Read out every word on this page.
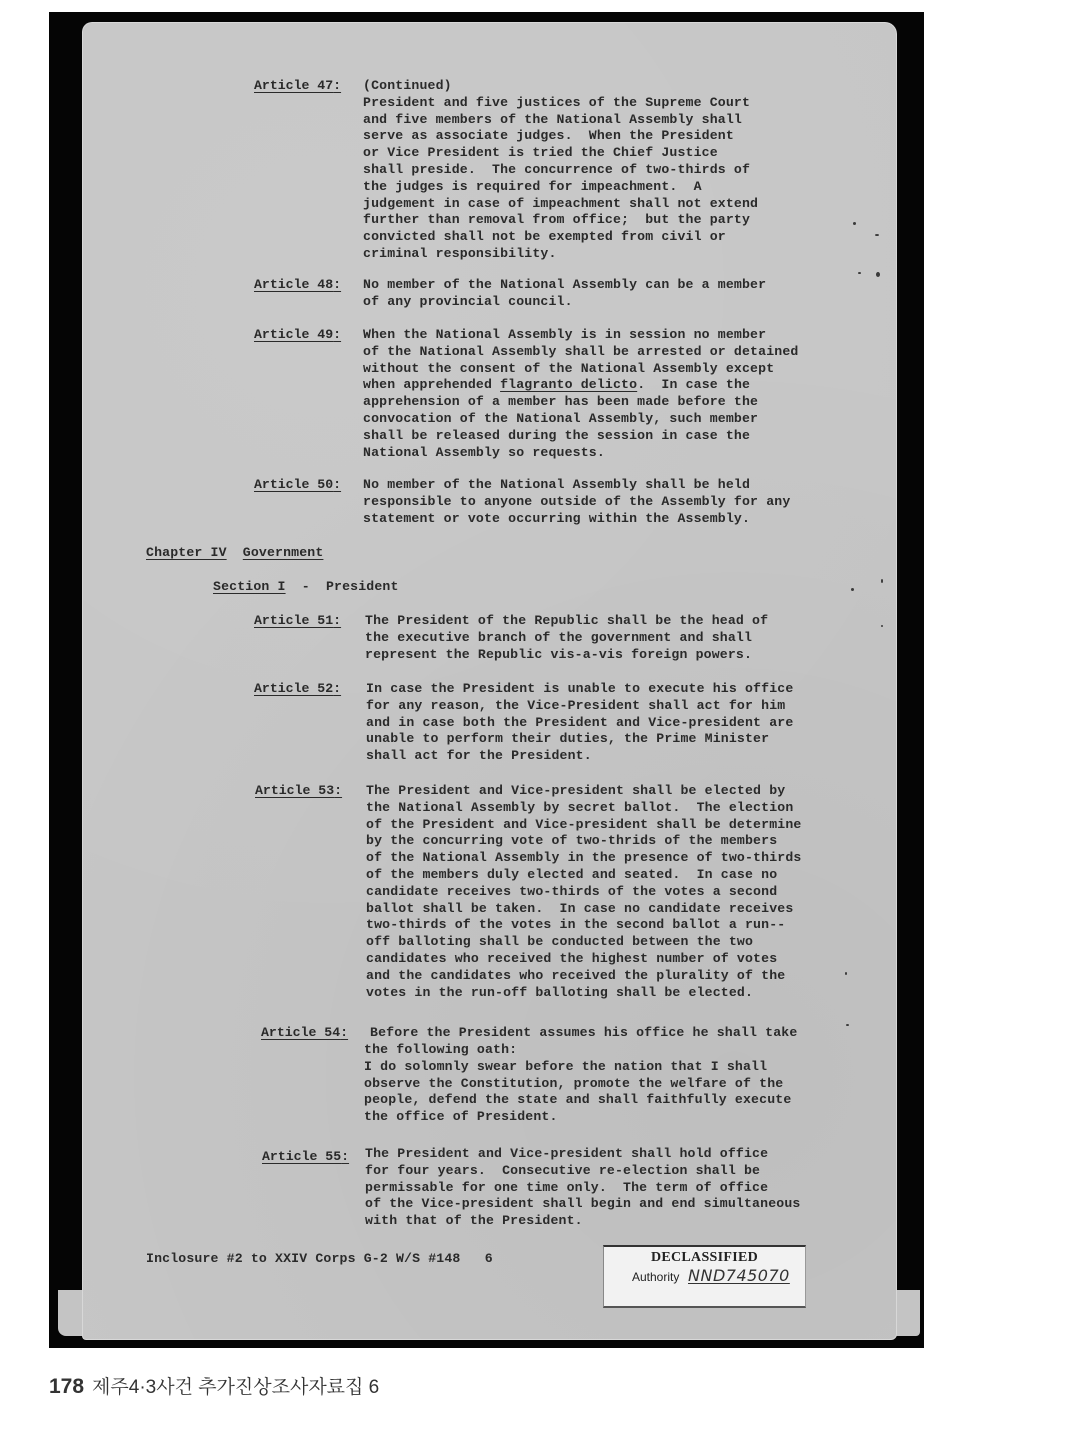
Article 47: (Continued)
President and five justices of the Supreme Court
and five members of the National Assembly shall
serve as associate judges.  When the President
or Vice President is tried the Chief Justice
shall preside.  The concurrence of two-thirds of
the judges is required for impeachment.  A
judgement in case of impeachment shall not extend
further than removal from office;  but the party
convicted shall not be exempted from civil or
criminal responsibility.
Article 48: No member of the National Assembly can be a member
of any provincial council.
Article 49: When the National Assembly is in session no member
of the National Assembly shall be arrested or detained
without the consent of the National Assembly except
when apprehended flagranto delicto.  In case the
apprehension of a member has been made before the
convocation of the National Assembly, such member
shall be released during the session in case the
National Assembly so requests.
Article 50: No member of the National Assembly shall be held
responsible to anyone outside of the Assembly for any
statement or vote occurring within the Assembly.
Chapter IV Government
Section I - President
Article 51: The President of the Republic shall be the head of
the executive branch of the government and shall
represent the Republic vis-a-vis foreign powers.
Article 52: In case the President is unable to execute his office
for any reason, the Vice-President shall act for him
and in case both the President and Vice-president are
unable to perform their duties, the Prime Minister
shall act for the President.
Article 53: The President and Vice-president shall be elected by
the National Assembly by secret ballot.  The election
of the President and Vice-president shall be determine
by the concurring vote of two-thrids of the members
of the National Assembly in the presence of two-thirds
of the members duly elected and seated.  In case no
candidate receives two-thirds of the votes a second
ballot shall be taken.  In case no candidate receives
two-thirds of the votes in the second ballot a run--
off balloting shall be conducted between the two
candidates who received the highest number of votes
and the candidates who received the plurality of the
votes in the run-off balloting shall be elected.
Article 54: Before the President assumes his office he shall take
the following oath:
I do solomnly swear before the nation that I shall
observe the Constitution, promote the welfare of the
people, defend the state and shall faithfully execute
the office of President.
Article 55: The President and Vice-president shall hold office
for four years.  Consecutive re-election shall be
permissable for one time only.  The term of office
of the Vice-president shall begin and end simultaneous
with that of the President.
Inclosure #2 to XXIV Corps G-2 W/S #148 6	DECLASSIFIED
Authority NND745070
178 제주4·3사건 추가진상조사자료집 6
